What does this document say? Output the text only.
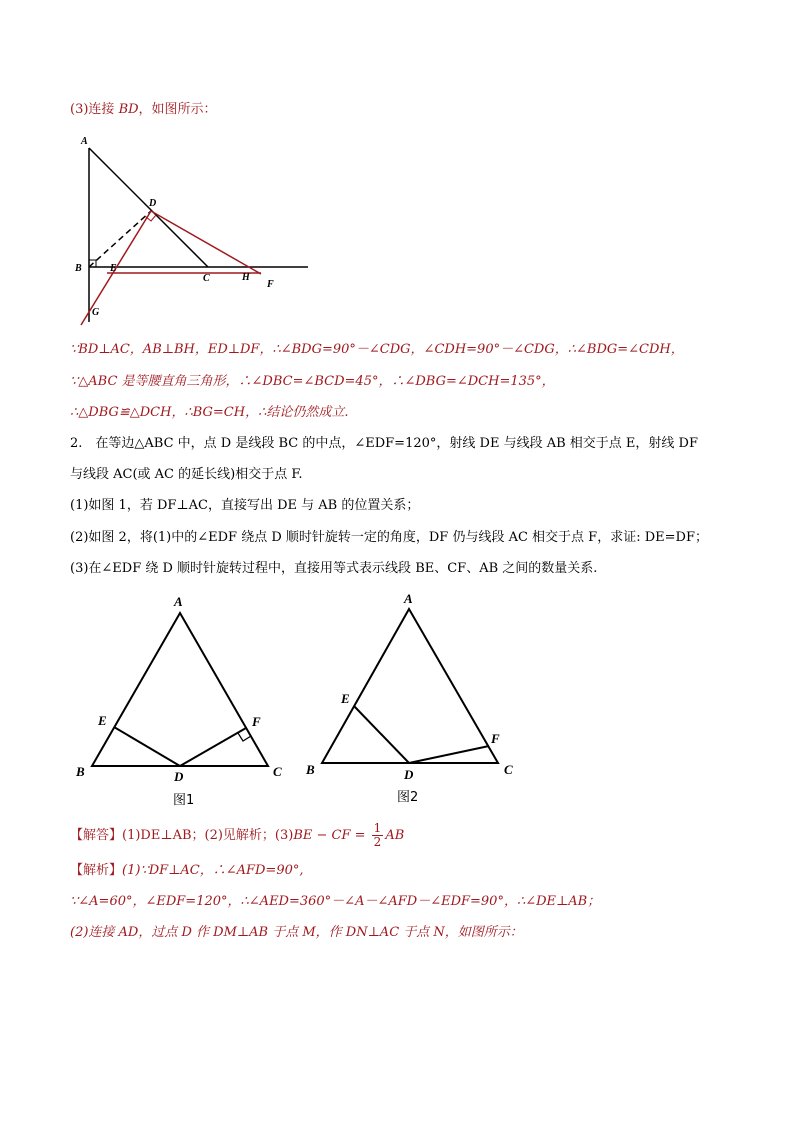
(3)连接 BD，如图所示：
A
D
B	E
C	H
F
G
∵BD⊥AC，AB⊥BH，ED⊥DF，∴∠BDG=90°－∠CDG，∠CDH=90°－∠CDG，∴∠BDG=∠CDH，
∵△ABC 是等腰直角三角形，∴∠DBC=∠BCD=45°，∴∠DBG=∠DCH=135°，
∴△DBG≌△DCH，∴BG=CH，∴结论仍然成立.
2.　在等边△ABC 中，点 D 是线段 BC 的中点，∠EDF=120°，射线 DE 与线段 AB 相交于点 E，射线 DF
与线段 AC(或 AC 的延长线)相交于点 F.
(1)如图 1，若 DF⊥AC，直接写出 DE 与 AB 的位置关系；
(2)如图 2，将(1)中的∠EDF 绕点 D 顺时针旋转一定的角度，DF 仍与线段 AC 相交于点 F，求证: DE=DF；
(3)在∠EDF 绕 D 顺时针旋转过程中，直接用等式表示线段 BE、CF、AB 之间的数量关系.
A
E	F
B	D	C
图1
A
E
F
B	D	C
图2
【解答】(1)DE⊥AB；(2)见解析；(3)BE − CF = $\frac{1}{2}$ AB
【解析】(1)∵DF⊥AC，∴∠AFD=90°,
∵∠A=60°，∠EDF=120°，∴∠AED=360°－∠A－∠AFD－∠EDF=90°，∴∠DE⊥AB；
(2)连接 AD，过点 D 作 DM⊥AB 于点 M，作 DN⊥AC 于点 N，如图所示：
